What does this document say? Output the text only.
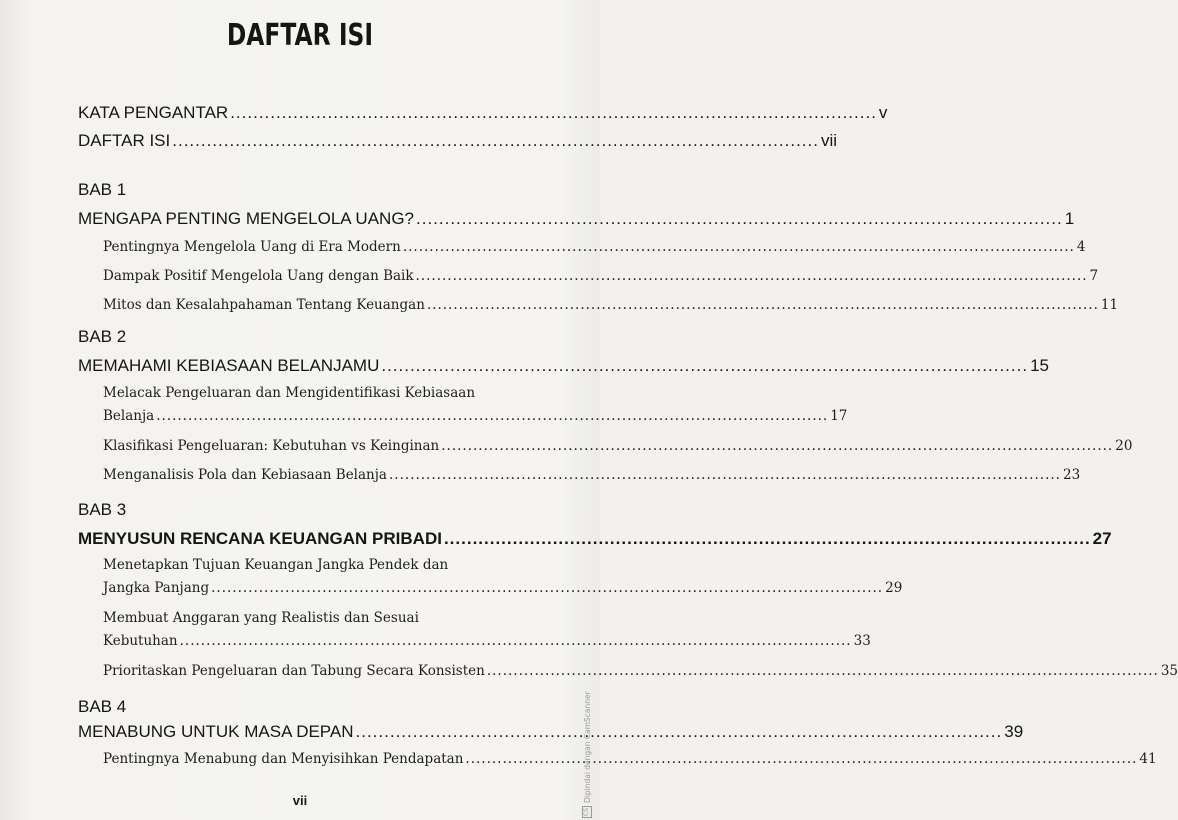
DAFTAR ISI
KATA PENGANTAR ................................................................................................................. v
DAFTAR ISI ................................................................................................................. vii
BAB 1
MENGAPA PENTING MENGELOLA UANG? ................................................................................................................. 1
Pentingnya Mengelola Uang di Era Modern ............................................................................................................................... 4
Dampak Positif Mengelola Uang dengan Baik ............................................................................................................................... 7
Mitos dan Kesalahpahaman Tentang Keuangan ............................................................................................................................... 11
BAB 2
MEMAHAMI KEBIASAAN BELANJAMU ................................................................................................................. 15
Melacak Pengeluaran dan Mengidentifikasi Kebiasaan
Belanja ............................................................................................................................... 17
Klasifikasi Pengeluaran: Kebutuhan vs Keinginan ............................................................................................................................... 20
Menganalisis Pola dan Kebiasaan Belanja ............................................................................................................................... 23
BAB 3
MENYUSUN RENCANA KEUANGAN PRIBADI ................................................................................................................. 27
Menetapkan Tujuan Keuangan Jangka Pendek dan
Jangka Panjang ............................................................................................................................... 29
Membuat Anggaran yang Realistis dan Sesuai
Kebutuhan ............................................................................................................................... 33
Prioritaskan Pengeluaran dan Tabung Secara Konsisten ............................................................................................................................... 35
BAB 4
MENABUNG UNTUK MASA DEPAN ................................................................................................................. 39
Pentingnya Menabung dan Menyisihkan Pendapatan ............................................................................................................................... 41
vii
CS
Dipindai dengan CamScanner
